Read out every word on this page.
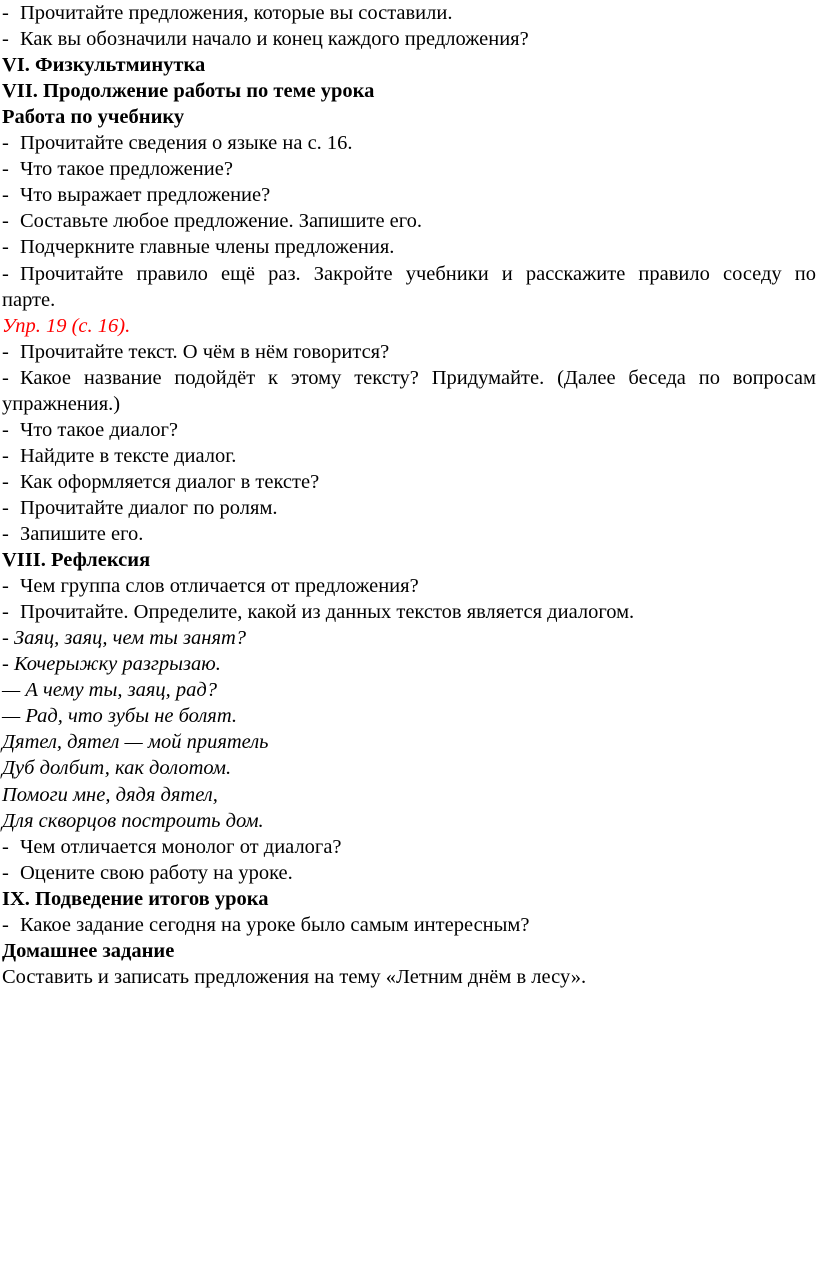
- Прочитайте предложения, которые вы составили.
- Как вы обозначили начало и конец каждого предложения?
VI. Физкультминутка
VII. Продолжение работы по теме урока
Работа по учебнику
- Прочитайте сведения о языке на с. 16.
- Что такое предложение?
- Что выражает предложение?
- Составьте любое предложение. Запишите его.
- Подчеркните главные члены предложения.
- Прочитайте правило ещё раз. Закройте учебники и расскажите правило соседу по
парте.
Упр. 19 (с. 16).
- Прочитайте текст. О чём в нём говорится?
- Какое название подойдёт к этому тексту? Придумайте. (Далее беседа по вопросам
упражнения.)
- Что такое диалог?
- Найдите в тексте диалог.
- Как оформляется диалог в тексте?
- Прочитайте диалог по ролям.
- Запишите его.
VIII. Рефлексия
- Чем группа слов отличается от предложения?
- Прочитайте. Определите, какой из данных текстов является диалогом.
- Заяц, заяц, чем ты занят?
- Кочерыжку разгрызаю.
— А чему ты, заяц, рад?
— Рад, что зубы не болят.
Дятел, дятел — мой приятель
Дуб долбит, как долотом.
Помоги мне, дядя дятел,
Для скворцов построить дом.
- Чем отличается монолог от диалога?
- Оцените свою работу на уроке.
IX. Подведение итогов урока
- Какое задание сегодня на уроке было самым интересным?
Домашнее задание
Составить и записать предложения на тему «Летним днём в лесу».
